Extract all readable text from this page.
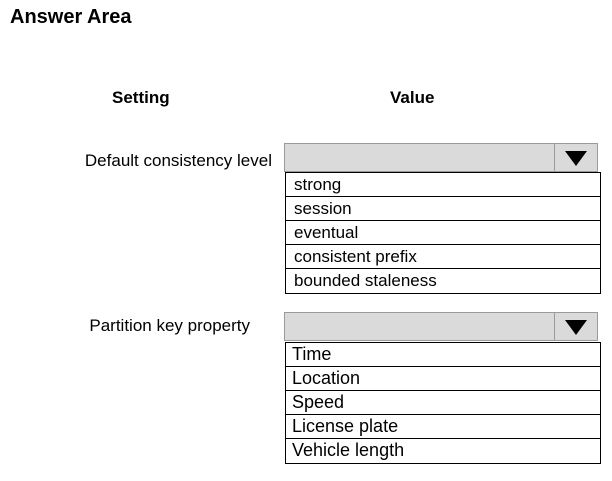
Answer Area
Setting	Value
Default consistency level
strong
session
eventual
consistent prefix
bounded staleness
Partition key property
Time
Location
Speed
License plate
Vehicle length
